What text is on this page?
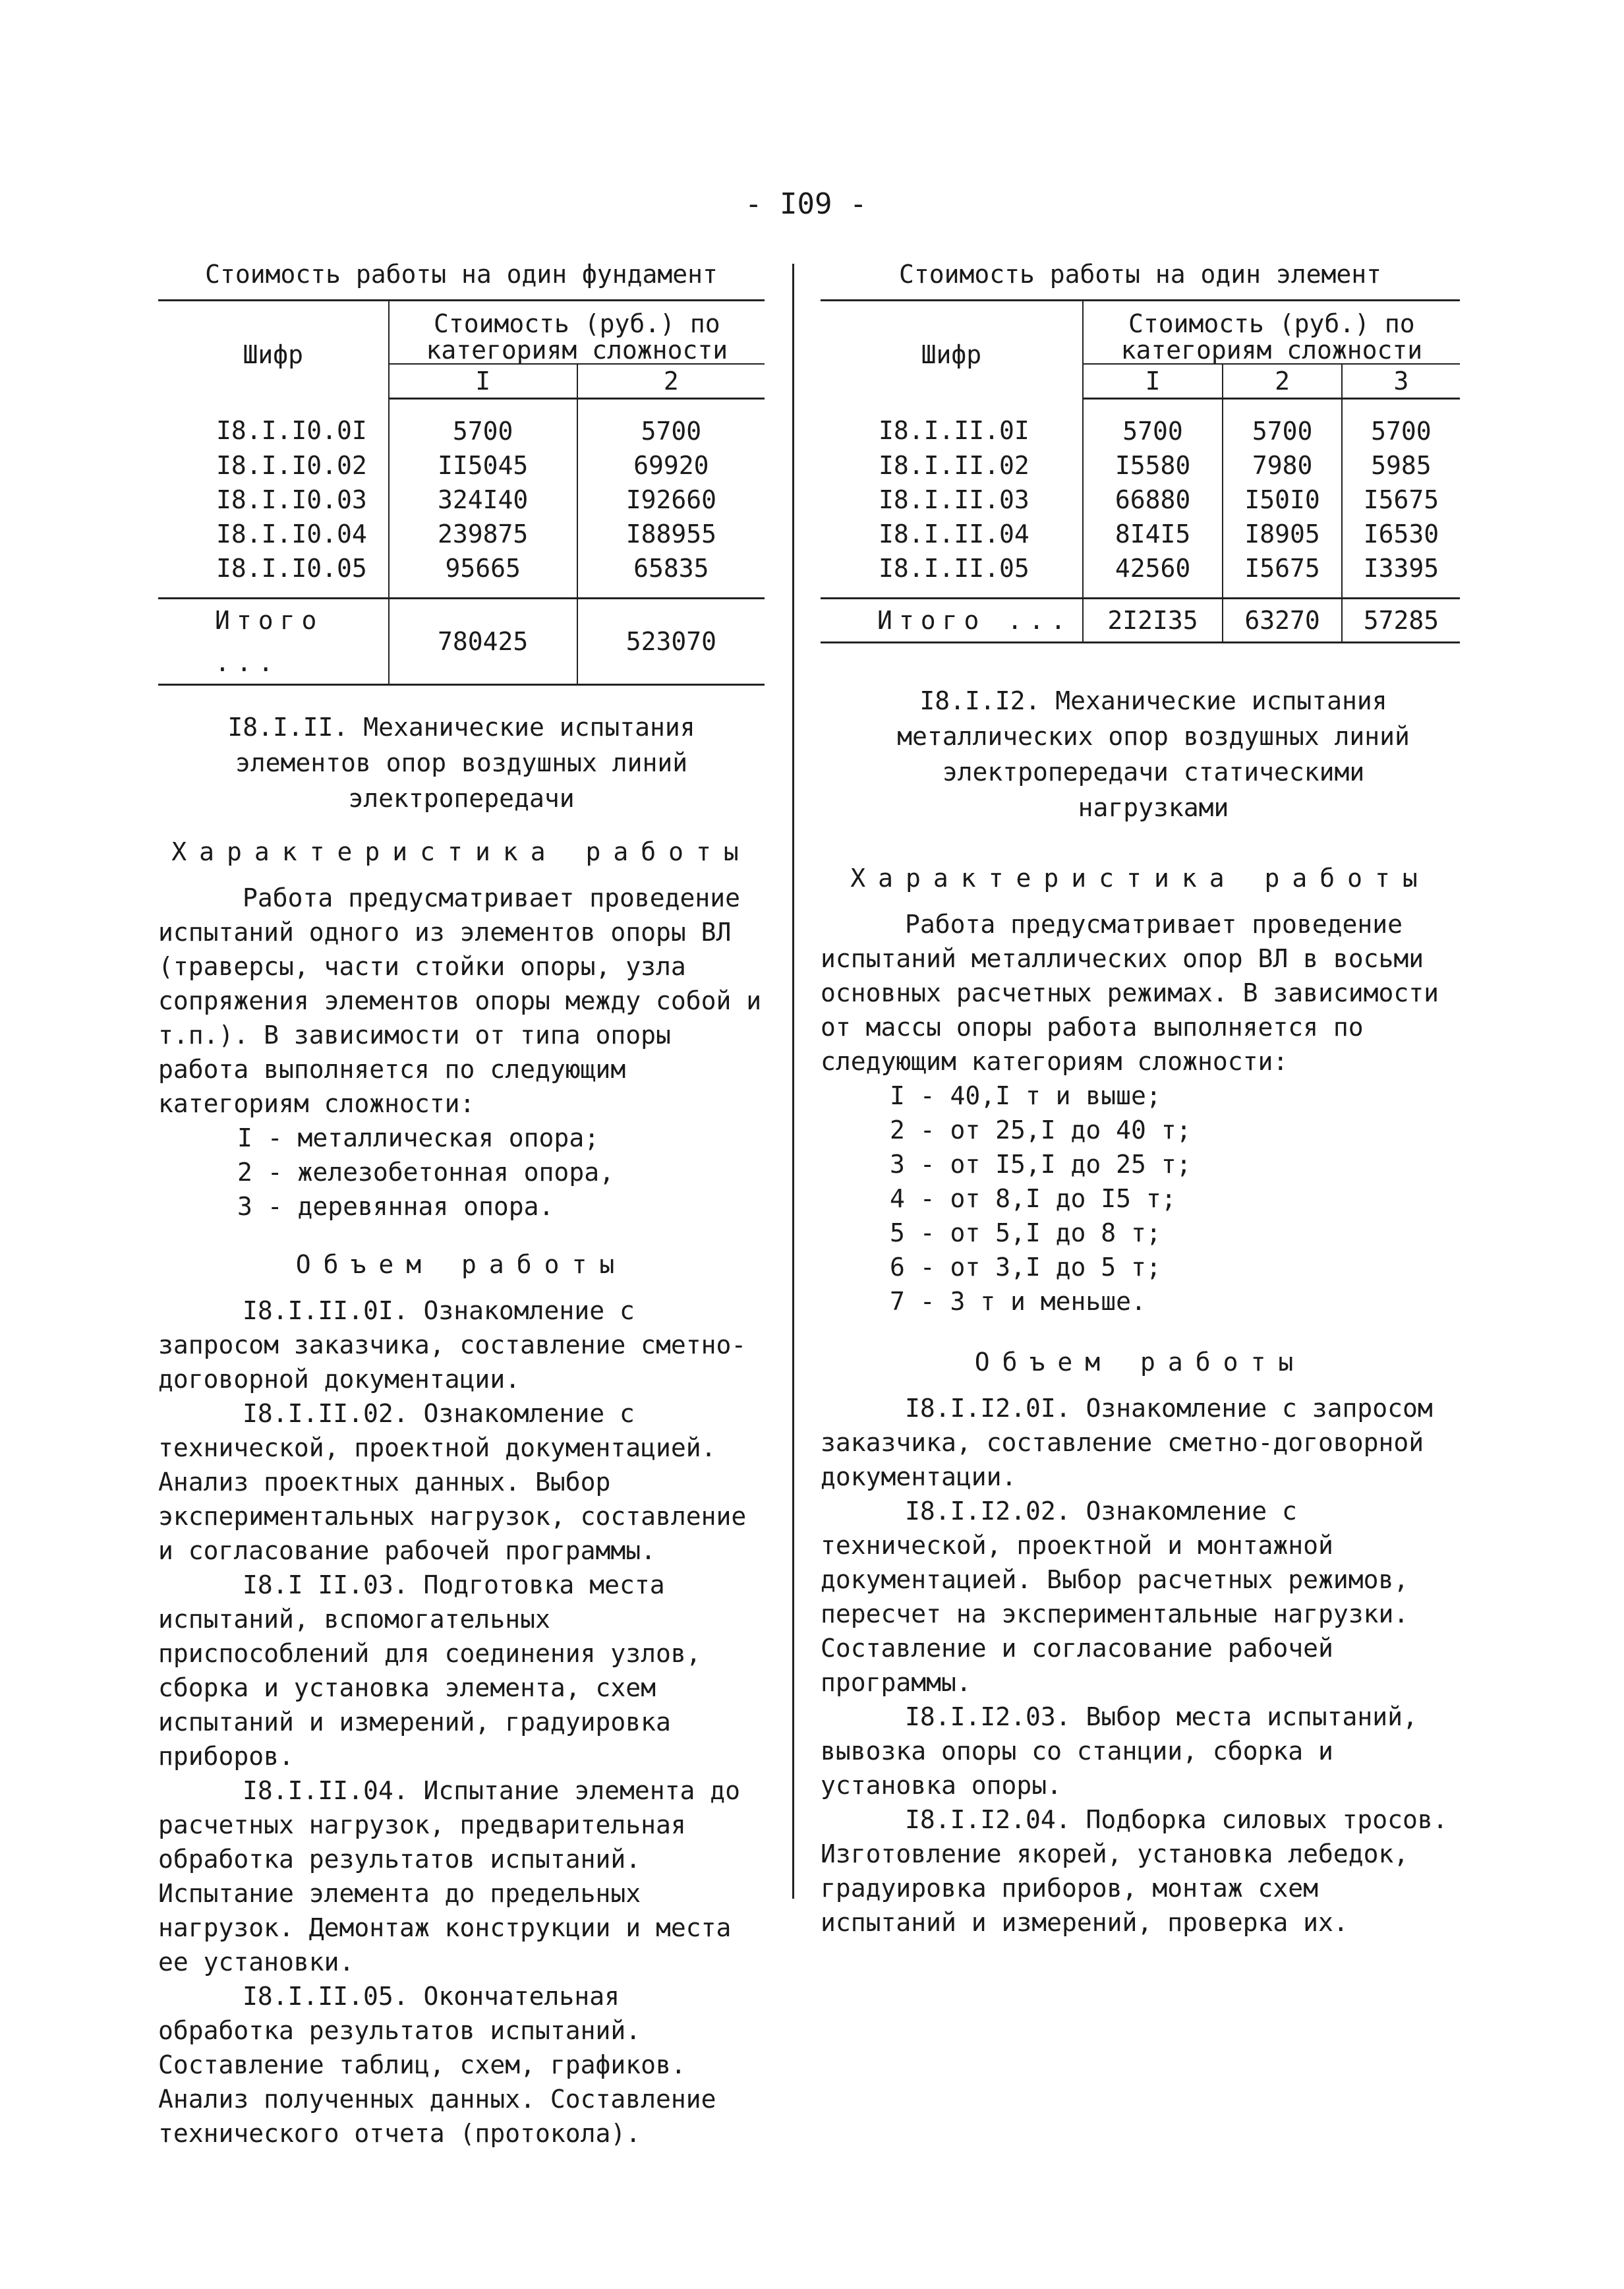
- I09 -
Стоимость работы на один фундамент
Шифр	Стоимость (руб.) по категориям сложности	
	I	2
I8.I.I0.0I	5700	5700
I8.I.I0.02	II5045	69920
I8.I.I0.03	324I40	I92660
I8.I.I0.04	239875	I88955
I8.I.I0.05	95665	65835
Итого ...	780425	523070
I8.I.II. Механические испытания элементов опор воздушных линий электропередачи
Характеристика работы

Работа предусматривает проведение испытаний одного из элементов опоры ВЛ (траверсы, части стойки опоры, узла сопряжения элементов опоры между собой и т.п.). В зависимости от типа опоры работа выполняется по следующим категориям сложности:

I - металлическая опора;
2 - железобетонная опора,
3 - деревянная опора.
Объем работы

I8.I.II.0I. Ознакомление с запросом заказчика, составление сметно-договорной документации.

I8.I.II.02. Ознакомление с технической, проектной документацией. Анализ проектных данных. Выбор экспериментальных нагрузок, составление и согласование рабочей программы.

I8.I II.03. Подготовка места испытаний, вспомогательных приспособлений для соединения узлов, сборка и установка элемента, схем испытаний и измерений, градуировка приборов.

I8.I.II.04. Испытание элемента до расчетных нагрузок, предварительная обработка результатов испытаний. Испытание элемента до предельных нагрузок. Демонтаж конструкции и места ее установки.

I8.I.II.05. Окончательная обработка результатов испытаний. Составление таблиц, схем, графиков. Анализ полученных данных. Составление технического отчета (протокола).

Стоимость работы на один элемент
Шифр	Стоимость (руб.) по категориям сложности		
	I	2	3
I8.I.II.0I	5700	5700	5700
I8.I.II.02	I5580	7980	5985
I8.I.II.03	66880	I50I0	I5675
I8.I.II.04	8I4I5	I8905	I6530
I8.I.II.05	42560	I5675	I3395
Итого ...	2I2I35	63270	57285
I8.I.I2. Механические испытания металлических опор воздушных линий электропередачи статическими нагрузками
Характеристика работы

Работа предусматривает проведение испытаний металлических опор ВЛ в восьми основных расчетных режимах. В зависимости от массы опоры работа выполняется по следующим категориям сложности:

I - 40,I т и выше;
2 - от 25,I до 40 т;
3 - от I5,I до 25 т;
4 - от 8,I до I5 т;
5 - от 5,I до 8 т;
6 - от 3,I до 5 т;
7 - 3 т и меньше.
Объем работы

I8.I.I2.0I. Ознакомление с запросом заказчика, составление сметно-договорной документации.

I8.I.I2.02. Ознакомление с технической, проектной и монтажной документацией. Выбор расчетных режимов, пересчет на экспериментальные нагрузки. Составление и согласование рабочей программы.

I8.I.I2.03. Выбор места испытаний, вывозка опоры со станции, сборка и установка опоры.

I8.I.I2.04. Подборка силовых тросов. Изготовление якорей, установка лебедок, градуировка приборов, монтаж схем испытаний и измерений, проверка их.
